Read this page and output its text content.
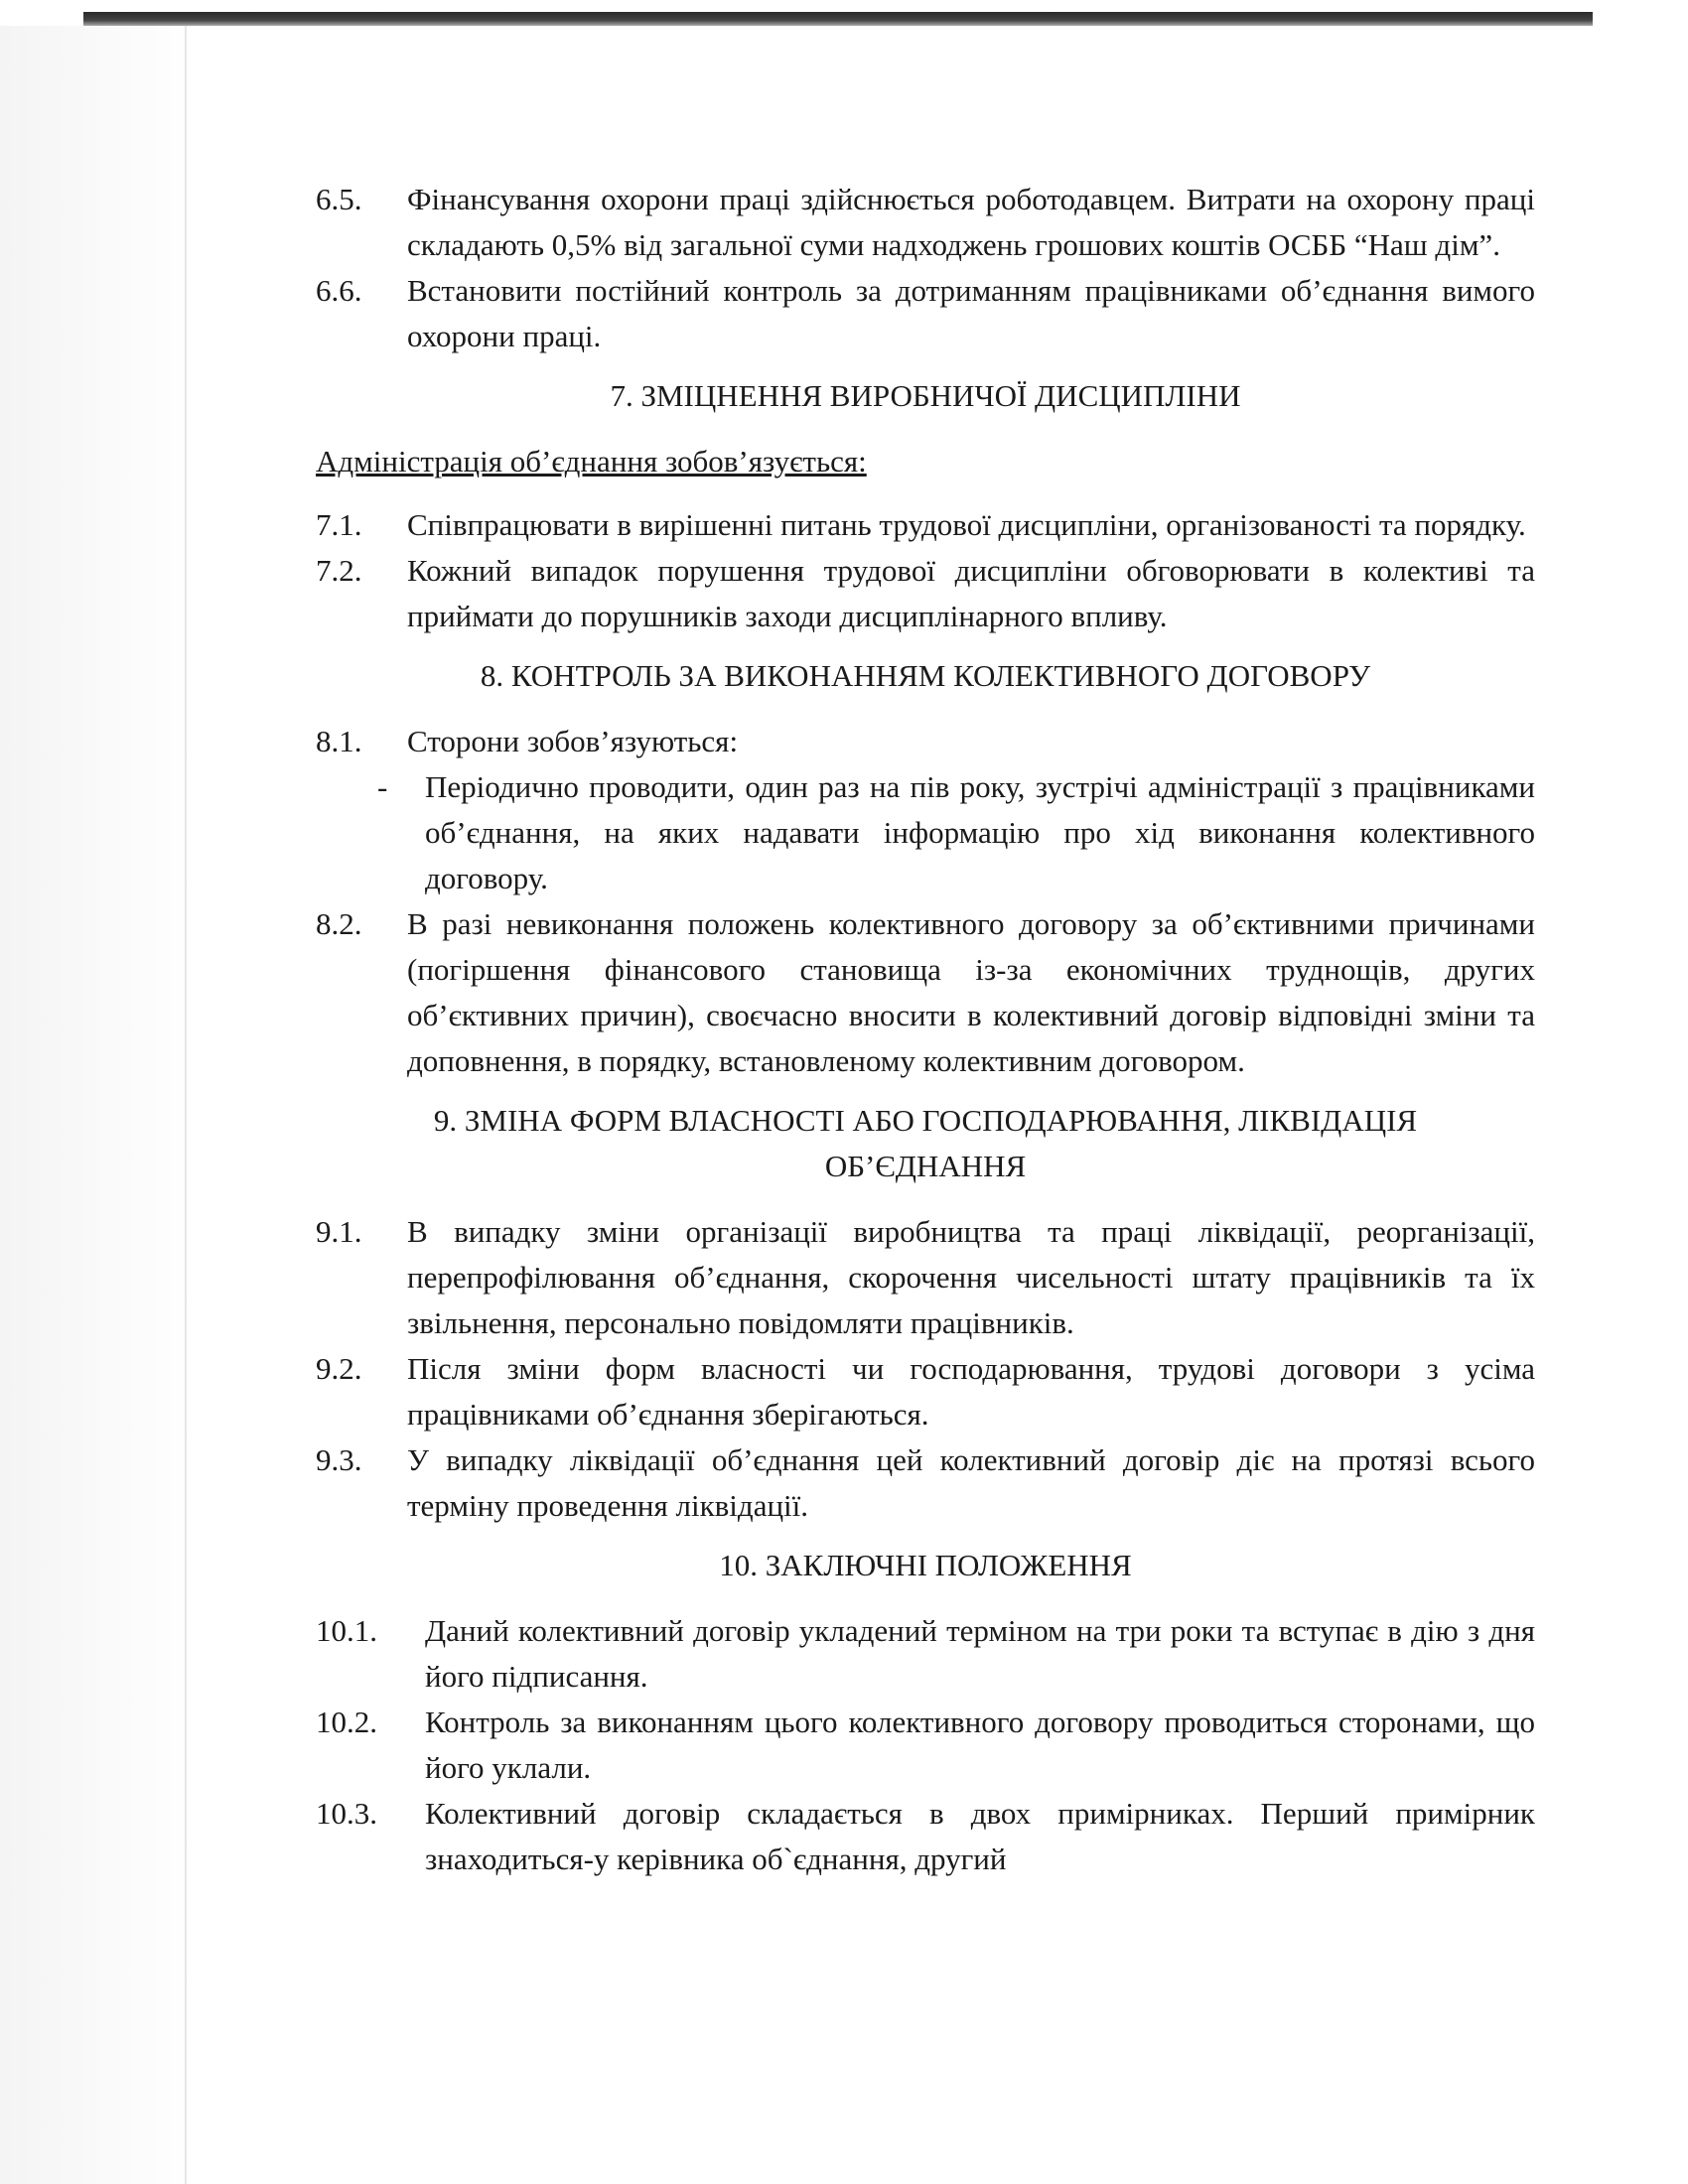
6.5.	Фінансування охорони праці здійснюється роботодавцем. Витрати на охорону праці складають 0,5% від загальної суми надходжень грошових коштів ОСББ “Наш дім”.
6.6.	Встановити постійний контроль за дотриманням працівниками об’єднання вимого охорони праці.
7. ЗМІЦНЕННЯ ВИРОБНИЧОЇ ДИСЦИПЛІНИ
Адміністрація об’єднання зобов’язується:
7.1.	Співпрацювати в вирішенні питань трудової дисципліни, організованості та порядку.
7.2.	Кожний випадок порушення трудової дисципліни обговорювати в колективі та приймати до порушників заходи дисциплінарного впливу.
8. КОНТРОЛЬ ЗА ВИКОНАННЯМ КОЛЕКТИВНОГО ДОГОВОРУ
8.1.	Сторони зобов’язуються:
-	Періодично проводити, один раз на пів року, зустрічі адміністрації з працівниками об’єднання, на яких надавати інформацію про хід виконання колективного договору.
8.2.	В разі невиконання положень колективного договору за об’єктивними причинами (погіршення фінансового становища із-за економічних труднощів, других об’єктивних причин), своєчасно вносити в колективний договір відповідні зміни та доповнення, в порядку, встановленому колективним договором.
9. ЗМІНА ФОРМ ВЛАСНОСТІ АБО ГОСПОДАРЮВАННЯ, ЛІКВІДАЦІЯ
ОБ’ЄДНАННЯ
9.1.	В випадку зміни організації виробництва та праці ліквідації, реорганізації, перепрофілювання об’єднання, скорочення чисельності штату працівників та їх звільнення, персонально повідомляти працівників.
9.2.	Після зміни форм власності чи господарювання, трудові договори з усіма працівниками об’єднання зберігаються.
9.3.	У випадку ліквідації об’єднання цей колективний договір діє на протязі всього терміну проведення ліквідації.
10. ЗАКЛЮЧНІ ПОЛОЖЕННЯ
10.1.	Даний колективний договір укладений терміном на три роки та вступає в дію з дня його підписання.
10.2.	Контроль за виконанням цього колективного договору проводиться сторонами, що його уклали.
10.3.	Колективний договір складається в двох примірниках. Перший примірник знаходиться-у керівника об`єднання, другий
